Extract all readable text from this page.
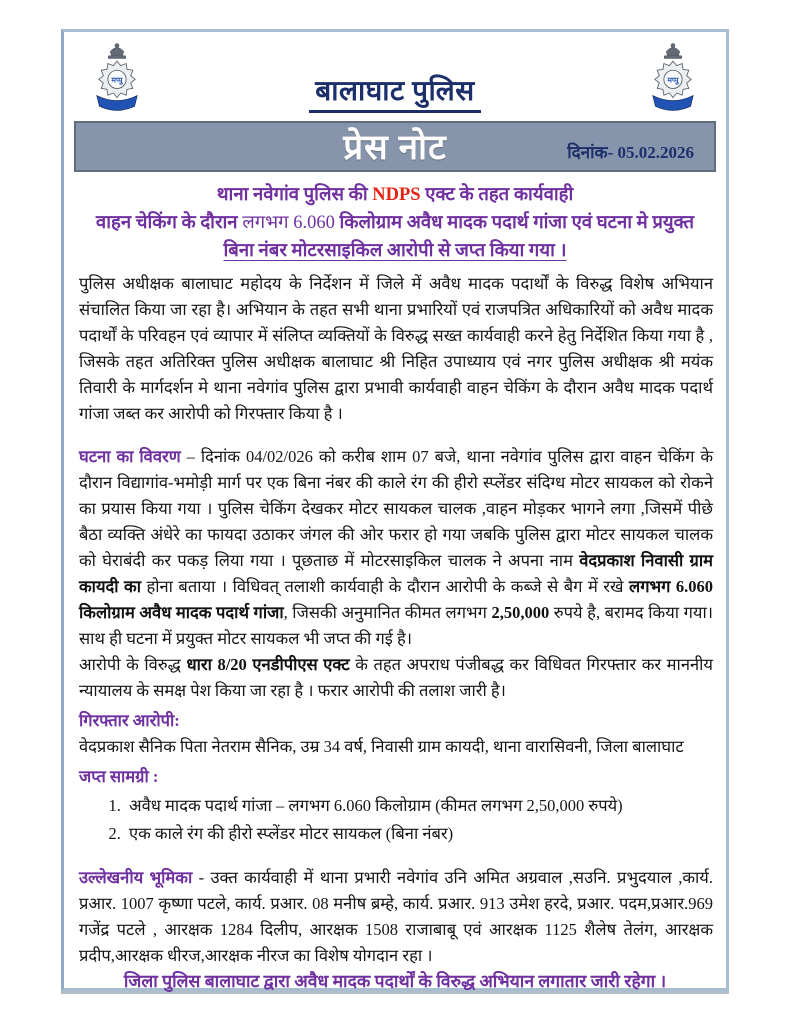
मप्पु	बालाघाट पुलिस	मप्पु
प्रेस नोट	दिनांक- 05.02.2026
थाना नवेगांव पुलिस की NDPS एक्ट के तहत कार्यवाही
वाहन चेकिंग के दौरान लगभग 6.060 किलोग्राम अवैध मादक पदार्थ गांजा एवं घटना मे प्रयुक्त
बिना नंबर मोटरसाइकिल आरोपी से जप्त किया गया ।

पुलिस अधीक्षक बालाघाट महोदय के निर्देशन में जिले में अवैध मादक पदार्थों के विरुद्ध विशेष अभियान संचालित किया जा रहा है। अभियान के तहत सभी थाना प्रभारियों एवं राजपत्रित अधिकारियों को अवैध मादक पदार्थों के परिवहन एवं व्यापार में संलिप्त व्यक्तियों के विरुद्ध सख्त कार्यवाही करने हेतु निर्देशित किया गया है , जिसके तहत अतिरिक्त पुलिस अधीक्षक बालाघाट श्री निहित उपाध्याय एवं नगर पुलिस अधीक्षक श्री मयंक तिवारी के मार्गदर्शन मे थाना नवेगांव पुलिस द्वारा प्रभावी कार्यवाही वाहन चेकिंग के दौरान अवैध मादक पदार्थ गांजा जब्त कर आरोपी को गिरफ्तार किया है ।

घटना का विवरण – दिनांक 04/02/026 को करीब शाम 07 बजे, थाना नवेगांव पुलिस द्वारा वाहन चेकिंग के दौरान विद्यागांव-भमोड़ी मार्ग पर एक बिना नंबर की काले रंग की हीरो स्प्लेंडर संदिग्ध मोटर सायकल को रोकने का प्रयास किया गया । पुलिस चेकिंग देखकर मोटर सायकल चालक ,वाहन मोड़कर भागने लगा ,जिसमें पीछे बैठा व्यक्ति अंधेरे का फायदा उठाकर जंगल की ओर फरार हो गया जबकि पुलिस द्वारा मोटर सायकल चालक को घेराबंदी कर पकड़ लिया गया । पूछताछ में मोटरसाइकिल चालक ने अपना नाम वेदप्रकाश निवासी ग्राम कायदी का होना बताया । विधिवत् तलाशी कार्यवाही के दौरान आरोपी के कब्जे से बैग में रखे लगभग 6.060 किलोग्राम अवैध मादक पदार्थ गांजा, जिसकी अनुमानित कीमत लगभग 2,50,000 रुपये है, बरामद किया गया। साथ ही घटना में प्रयुक्त मोटर सायकल भी जप्त की गई है।

आरोपी के विरुद्ध धारा 8/20 एनडीपीएस एक्ट के तहत अपराध पंजीबद्ध कर विधिवत गिरफ्तार कर माननीय न्यायालय के समक्ष पेश किया जा रहा है । फरार आरोपी की तलाश जारी है।

गिरफ्तार आरोपी:

वेदप्रकाश सैनिक पिता नेतराम सैनिक, उम्र 34 वर्ष, निवासी ग्राम कायदी, थाना वारासिवनी, जिला बालाघाट

जप्त सामग्री :

1. अवैध मादक पदार्थ गांजा – लगभग 6.060 किलोग्राम (कीमत लगभग 2,50,000 रुपये)
2. एक काले रंग की हीरो स्प्लेंडर मोटर सायकल (बिना नंबर)

उल्लेखनीय भूमिका - उक्त कार्यवाही में थाना प्रभारी नवेगांव उनि अमित अग्रवाल ,सउनि. प्रभुदयाल ,कार्य. प्रआर. 1007 कृष्णा पटले, कार्य. प्रआर. 08 मनीष ब्रम्हे, कार्य. प्रआर. 913 उमेश हरदे, प्रआर. पदम,प्रआर.969 गजेंद्र पटले , आरक्षक 1284 दिलीप, आरक्षक 1508 राजाबाबू एवं आरक्षक 1125 शैलेष तेलंग, आरक्षक प्रदीप,आरक्षक धीरज,आरक्षक नीरज का विशेष योगदान रहा ।

जिला पुलिस बालाघाट द्वारा अवैध मादक पदार्थों के विरुद्ध अभियान लगातार जारी रहेगा ।
